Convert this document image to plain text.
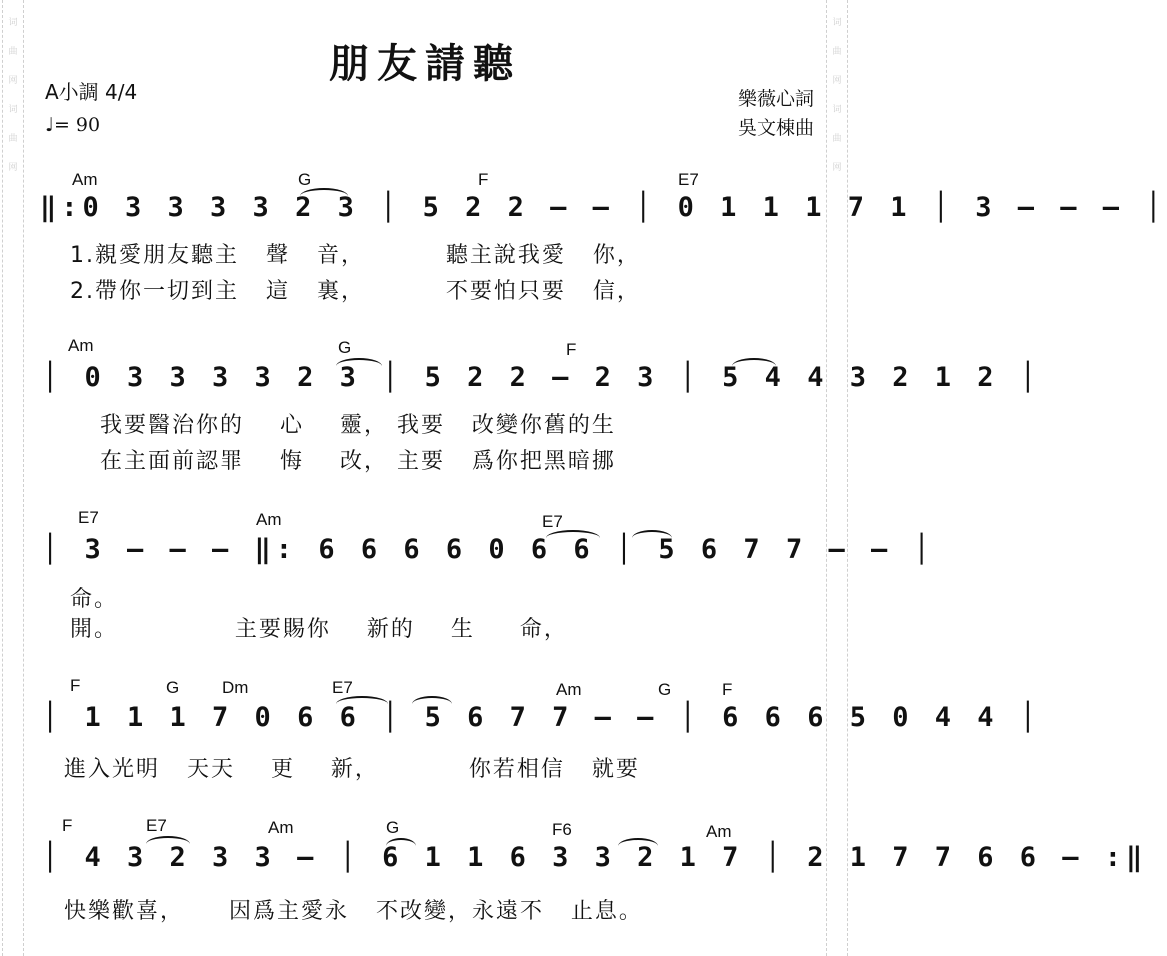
词
曲
网
词
曲
网
词
曲
网
词
曲
网
朋友請聽
A小調 4/4
♩= 90
樂薇心詞
吳文棟曲
Am	G	F	E7
‖:0 3 3 3 3 2 3 │ 5 2 2 – – │ 0 1 1 1 7 1 │ 3 – – – │
1.親愛朋友聽主   聲   音，         聽主說我愛   你，
2.帶你一切到主   這   裏，         不要怕只要   信，
Am	G	F
│ 0 3 3 3 3 2 3 │ 5 2 2 – 2 3 │ 5 4 4 3 2 1 2 │
我要醫治你的    心    靈， 我要   改變你舊的生
在主面前認罪    悔    改， 主要   爲你把黑暗挪
E7	Am	E7
│ 3 – – – ‖: 6 6 6 6 0 6 6 │ 5 6 7 7 – – │
命。
開。             主要賜你    新的    生     命，
F	G	Dm	E7	Am	G	F
│ 1 1 1 7 0 6 6 │ 5 6 7 7 – – │ 6 6 6 5 0 4 4 │
進入光明   天天    更    新，          你若相信   就要
F	E7	Am	G	F6	Am
│ 4 3 2 3 3 – │ 6 1 1 6 3 3 2 1 7 │ 2 1 7 7 6 6 – :‖
快樂歡喜，     因爲主愛永   不改變，永遠不   止息。
